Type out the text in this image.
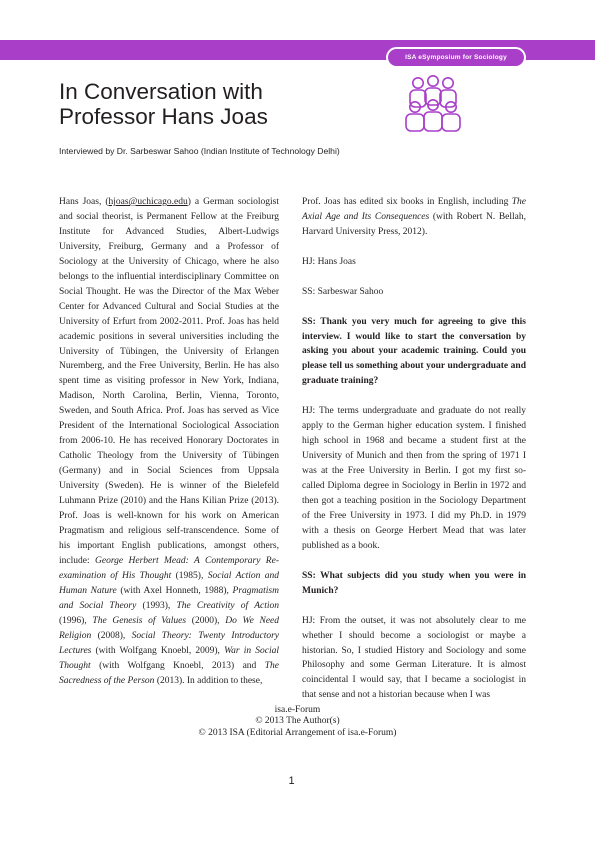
ISA eSymposium for Sociology
In Conversation with
Professor Hans Joas

Interviewed by Dr. Sarbeswar Sahoo (Indian Institute of Technology Delhi)

Hans Joas, (hjoas@uchicago.edu) a German sociologist and social theorist, is Permanent Fellow at the Freiburg Institute for Advanced Studies, Albert-Ludwigs University, Freiburg, Germany and a Professor of Sociology at the University of Chicago, where he also belongs to the influential interdisciplinary Committee on Social Thought. He was the Director of the Max Weber Center for Advanced Cultural and Social Studies at the University of Erfurt from 2002-2011. Prof. Joas has held academic positions in several universities including the University of Tübingen, the University of Erlangen Nuremberg, and the Free University, Berlin. He has also spent time as visiting professor in New York, Indiana, Madison, North Carolina, Berlin, Vienna, Toronto, Sweden, and South Africa. Prof. Joas has served as Vice President of the International Sociological Association from 2006-10. He has received Honorary Doctorates in Catholic Theology from the University of Tübingen (Germany) and in Social Sciences from Uppsala University (Sweden). He is winner of the Bielefeld Luhmann Prize (2010) and the Hans Kilian Prize (2013). Prof. Joas is well-known for his work on American Pragmatism and religious self-transcendence. Some of his important English publications, amongst others, include: George Herbert Mead: A Contemporary Re-examination of His Thought (1985), Social Action and Human Nature (with Axel Honneth, 1988), Pragmatism and Social Theory (1993), The Creativity of Action (1996), The Genesis of Values (2000), Do We Need Religion (2008), Social Theory: Twenty Introductory Lectures (with Wolfgang Knoebl, 2009), War in Social Thought (with Wolfgang Knoebl, 2013) and The Sacredness of the Person (2013). In addition to these,

Prof. Joas has edited six books in English, including The Axial Age and Its Consequences (with Robert N. Bellah, Harvard University Press, 2012).

HJ: Hans Joas

SS: Sarbeswar Sahoo

SS: Thank you very much for agreeing to give this interview. I would like to start the conversation by asking you about your academic training. Could you please tell us something about your undergraduate and graduate training?

HJ: The terms undergraduate and graduate do not really apply to the German higher education system. I finished high school in 1968 and became a student first at the University of Munich and then from the spring of 1971 I was at the Free University in Berlin. I got my first so-called Diploma degree in Sociology in Berlin in 1972 and then got a teaching position in the Sociology Department of the Free University in 1973. I did my Ph.D. in 1979 with a thesis on George Herbert Mead that was later published as a book.

SS: What subjects did you study when you were in Munich?

HJ: From the outset, it was not absolutely clear to me whether I should become a sociologist or maybe a historian. So, I studied History and Sociology and some Philosophy and some German Literature. It is almost coincidental I would say, that I became a sociologist in that sense and not a historian because when I was

isa.e-Forum
© 2013 The Author(s)
© 2013 ISA (Editorial Arrangement of isa.e-Forum)
1
